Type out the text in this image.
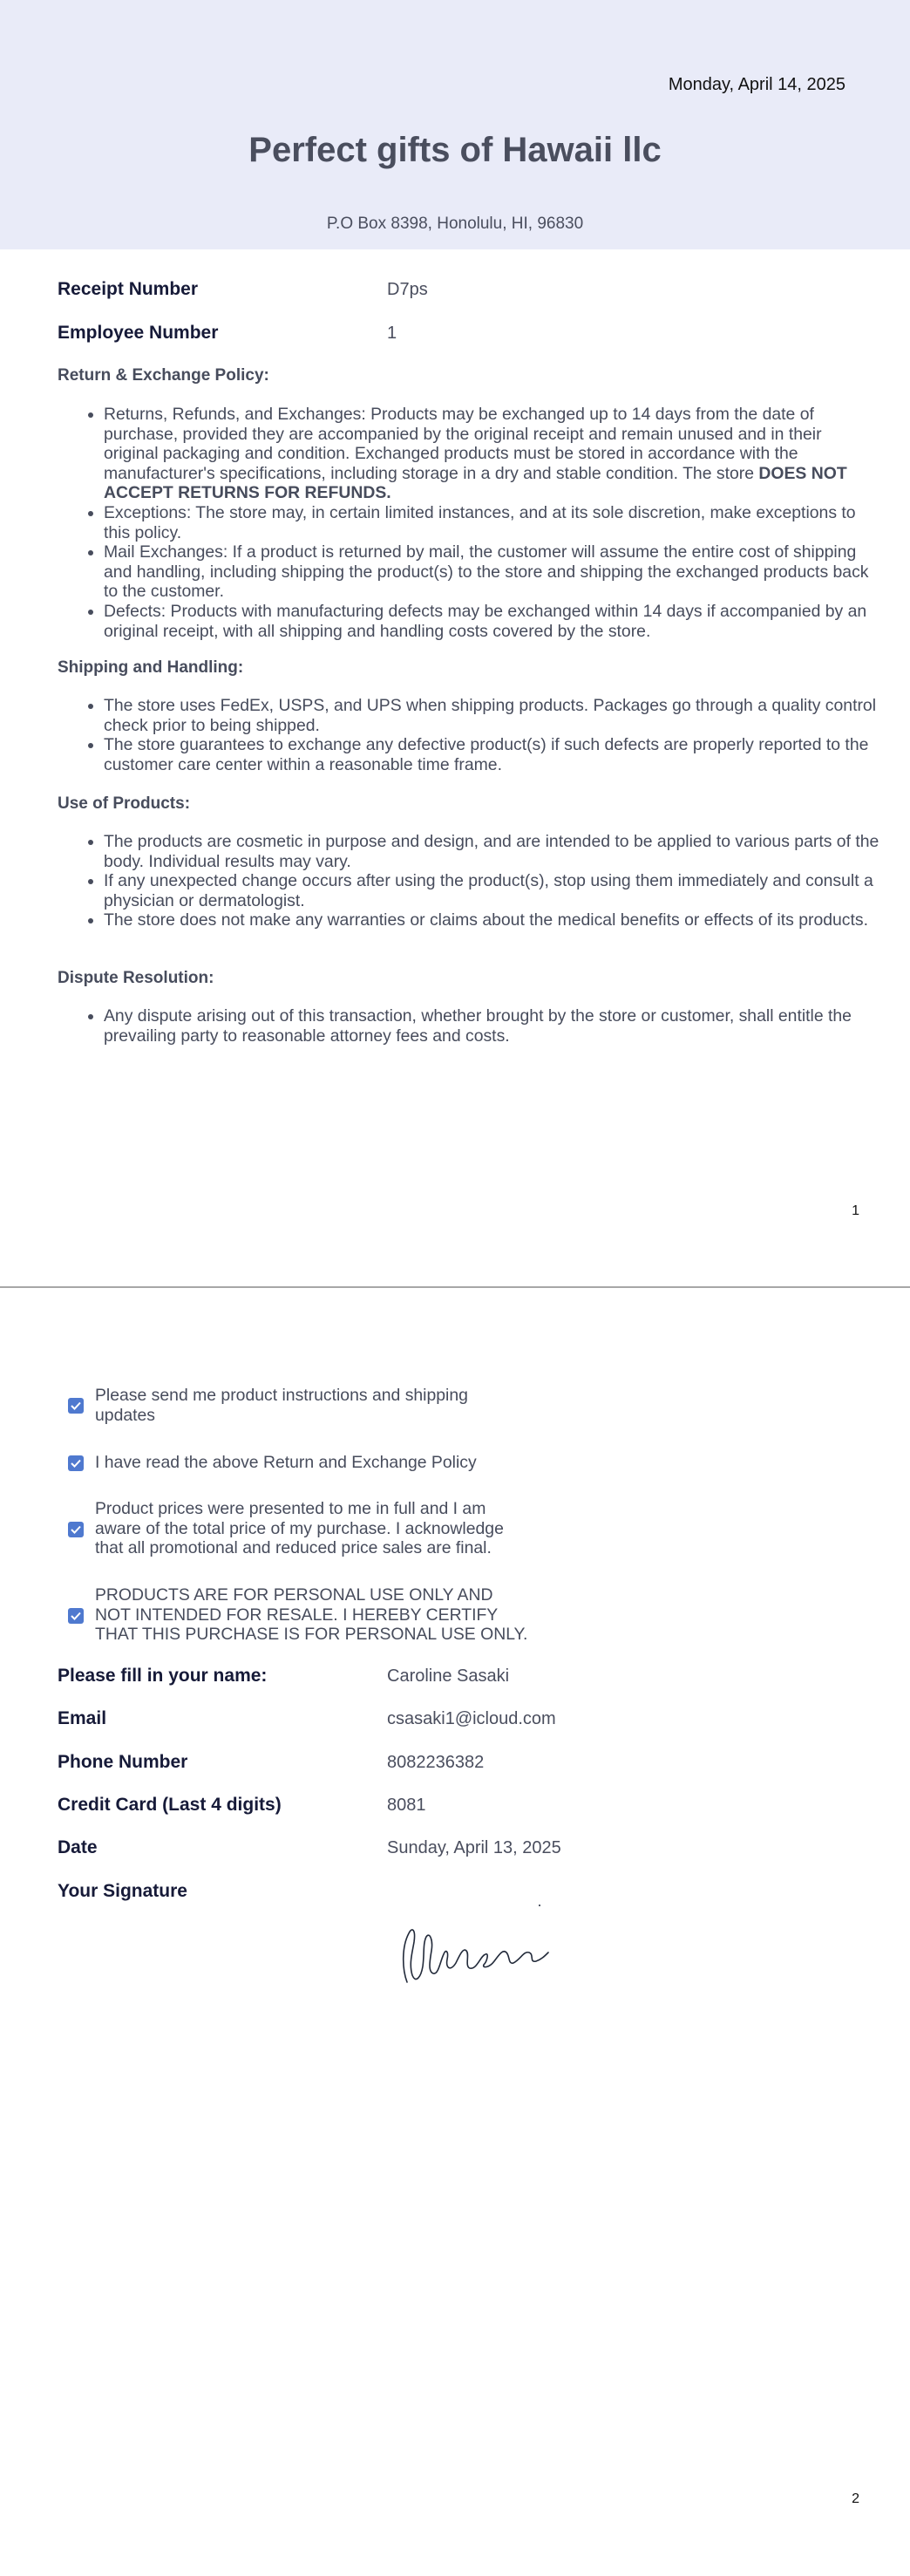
Monday, April 14, 2025
Perfect gifts of Hawaii llc
P.O Box 8398, Honolulu, HI, 96830
Receipt Number	D7ps
Employee Number	1
Return & Exchange Policy:
• Returns, Refunds, and Exchanges: Products may be exchanged up to 14 days from the date of purchase, provided they are accompanied by the original receipt and remain unused and in their original packaging and condition. Exchanged products must be stored in accordance with the manufacturer's specifications, including storage in a dry and stable condition. The store DOES NOT ACCEPT RETURNS FOR REFUNDS.
• Exceptions: The store may, in certain limited instances, and at its sole discretion, make exceptions to this policy.
• Mail Exchanges: If a product is returned by mail, the customer will assume the entire cost of shipping and handling, including shipping the product(s) to the store and shipping the exchanged products back to the customer.
• Defects: Products with manufacturing defects may be exchanged within 14 days if accompanied by an original receipt, with all shipping and handling costs covered by the store.
Shipping and Handling:
• The store uses FedEx, USPS, and UPS when shipping products. Packages go through a quality control check prior to being shipped.
• The store guarantees to exchange any defective product(s) if such defects are properly reported to the customer care center within a reasonable time frame.
Use of Products:
• The products are cosmetic in purpose and design, and are intended to be applied to various parts of the body. Individual results may vary.
• If any unexpected change occurs after using the product(s), stop using them immediately and consult a physician or dermatologist.
• The store does not make any warranties or claims about the medical benefits or effects of its products.
Dispute Resolution:
• Any dispute arising out of this transaction, whether brought by the store or customer, shall entitle the prevailing party to reasonable attorney fees and costs.
1
Please send me product instructions and shipping updates
I have read the above Return and Exchange Policy
Product prices were presented to me in full and I am aware of the total price of my purchase. I acknowledge that all promotional and reduced price sales are final.
PRODUCTS ARE FOR PERSONAL USE ONLY AND NOT INTENDED FOR RESALE. I HEREBY CERTIFY THAT THIS PURCHASE IS FOR PERSONAL USE ONLY.
Please fill in your name:	Caroline Sasaki
Email	csasaki1@icloud.com
Phone Number	8082236382
Credit Card (Last 4 digits)	8081
Date	Sunday, April 13, 2025
Your Signature
2
